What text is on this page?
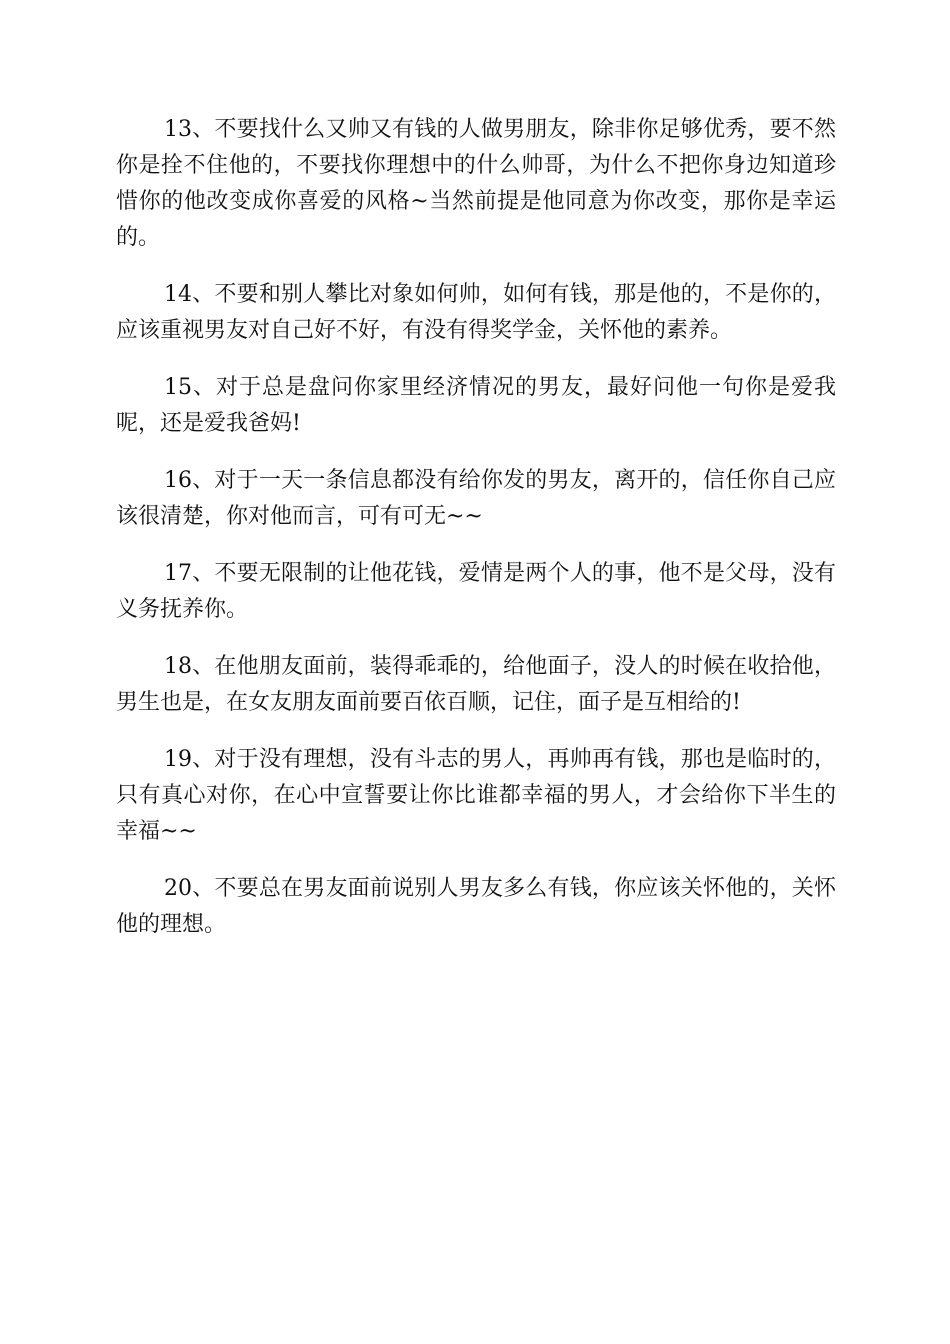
13、不要找什么又帅又有钱的人做男朋友，除非你足够优秀，要不然你是拴不住他的，不要找你理想中的什么帅哥，为什么不把你身边知道珍惜你的他改变成你喜爱的风格~当然前提是他同意为你改变，那你是幸运的。

14、不要和别人攀比对象如何帅，如何有钱，那是他的，不是你的，应该重视男友对自己好不好，有没有得奖学金，关怀他的素养。

15、对于总是盘问你家里经济情况的男友，最好问他一句你是爱我呢，还是爱我爸妈!

16、对于一天一条信息都没有给你发的男友，离开的，信任你自己应该很清楚，你对他而言，可有可无~~

17、不要无限制的让他花钱，爱情是两个人的事，他不是父母，没有义务抚养你。

18、在他朋友面前，装得乖乖的，给他面子，没人的时候在收拾他，男生也是，在女友朋友面前要百依百顺，记住，面子是互相给的!

19、对于没有理想，没有斗志的男人，再帅再有钱，那也是临时的，只有真心对你，在心中宣誓要让你比谁都幸福的男人，才会给你下半生的幸福~~

20、不要总在男友面前说别人男友多么有钱，你应该关怀他的，关怀他的理想。
